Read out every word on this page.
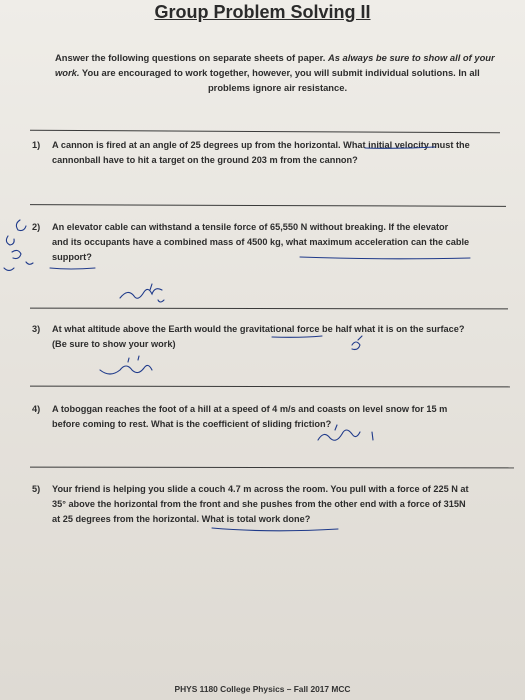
Group Problem Solving II
Answer the following questions on separate sheets of paper. As always be sure to show all of your
work. You are encouraged to work together, however, you will submit individual solutions. In all
problems ignore air resistance.
1) A cannon is fired at an angle of 25 degrees up from the horizontal. What initial velocity must the
cannonball have to hit a target on the ground 203 m from the cannon?
2) An elevator cable can withstand a tensile force of 65,550 N without breaking. If the elevator
and its occupants have a combined mass of 4500 kg, what maximum acceleration can the cable
support?
3) At what altitude above the Earth would the gravitational force be half what it is on the surface?
(Be sure to show your work)
4) A toboggan reaches the foot of a hill at a speed of 4 m/s and coasts on level snow for 15 m
before coming to rest. What is the coefficient of sliding friction?
5) Your friend is helping you slide a couch 4.7 m across the room. You pull with a force of 225 N at
35° above the horizontal from the front and she pushes from the other end with a force of 315N
at 25 degrees from the horizontal. What is total work done?
PHYS 1180 College Physics – Fall 2017 MCC
